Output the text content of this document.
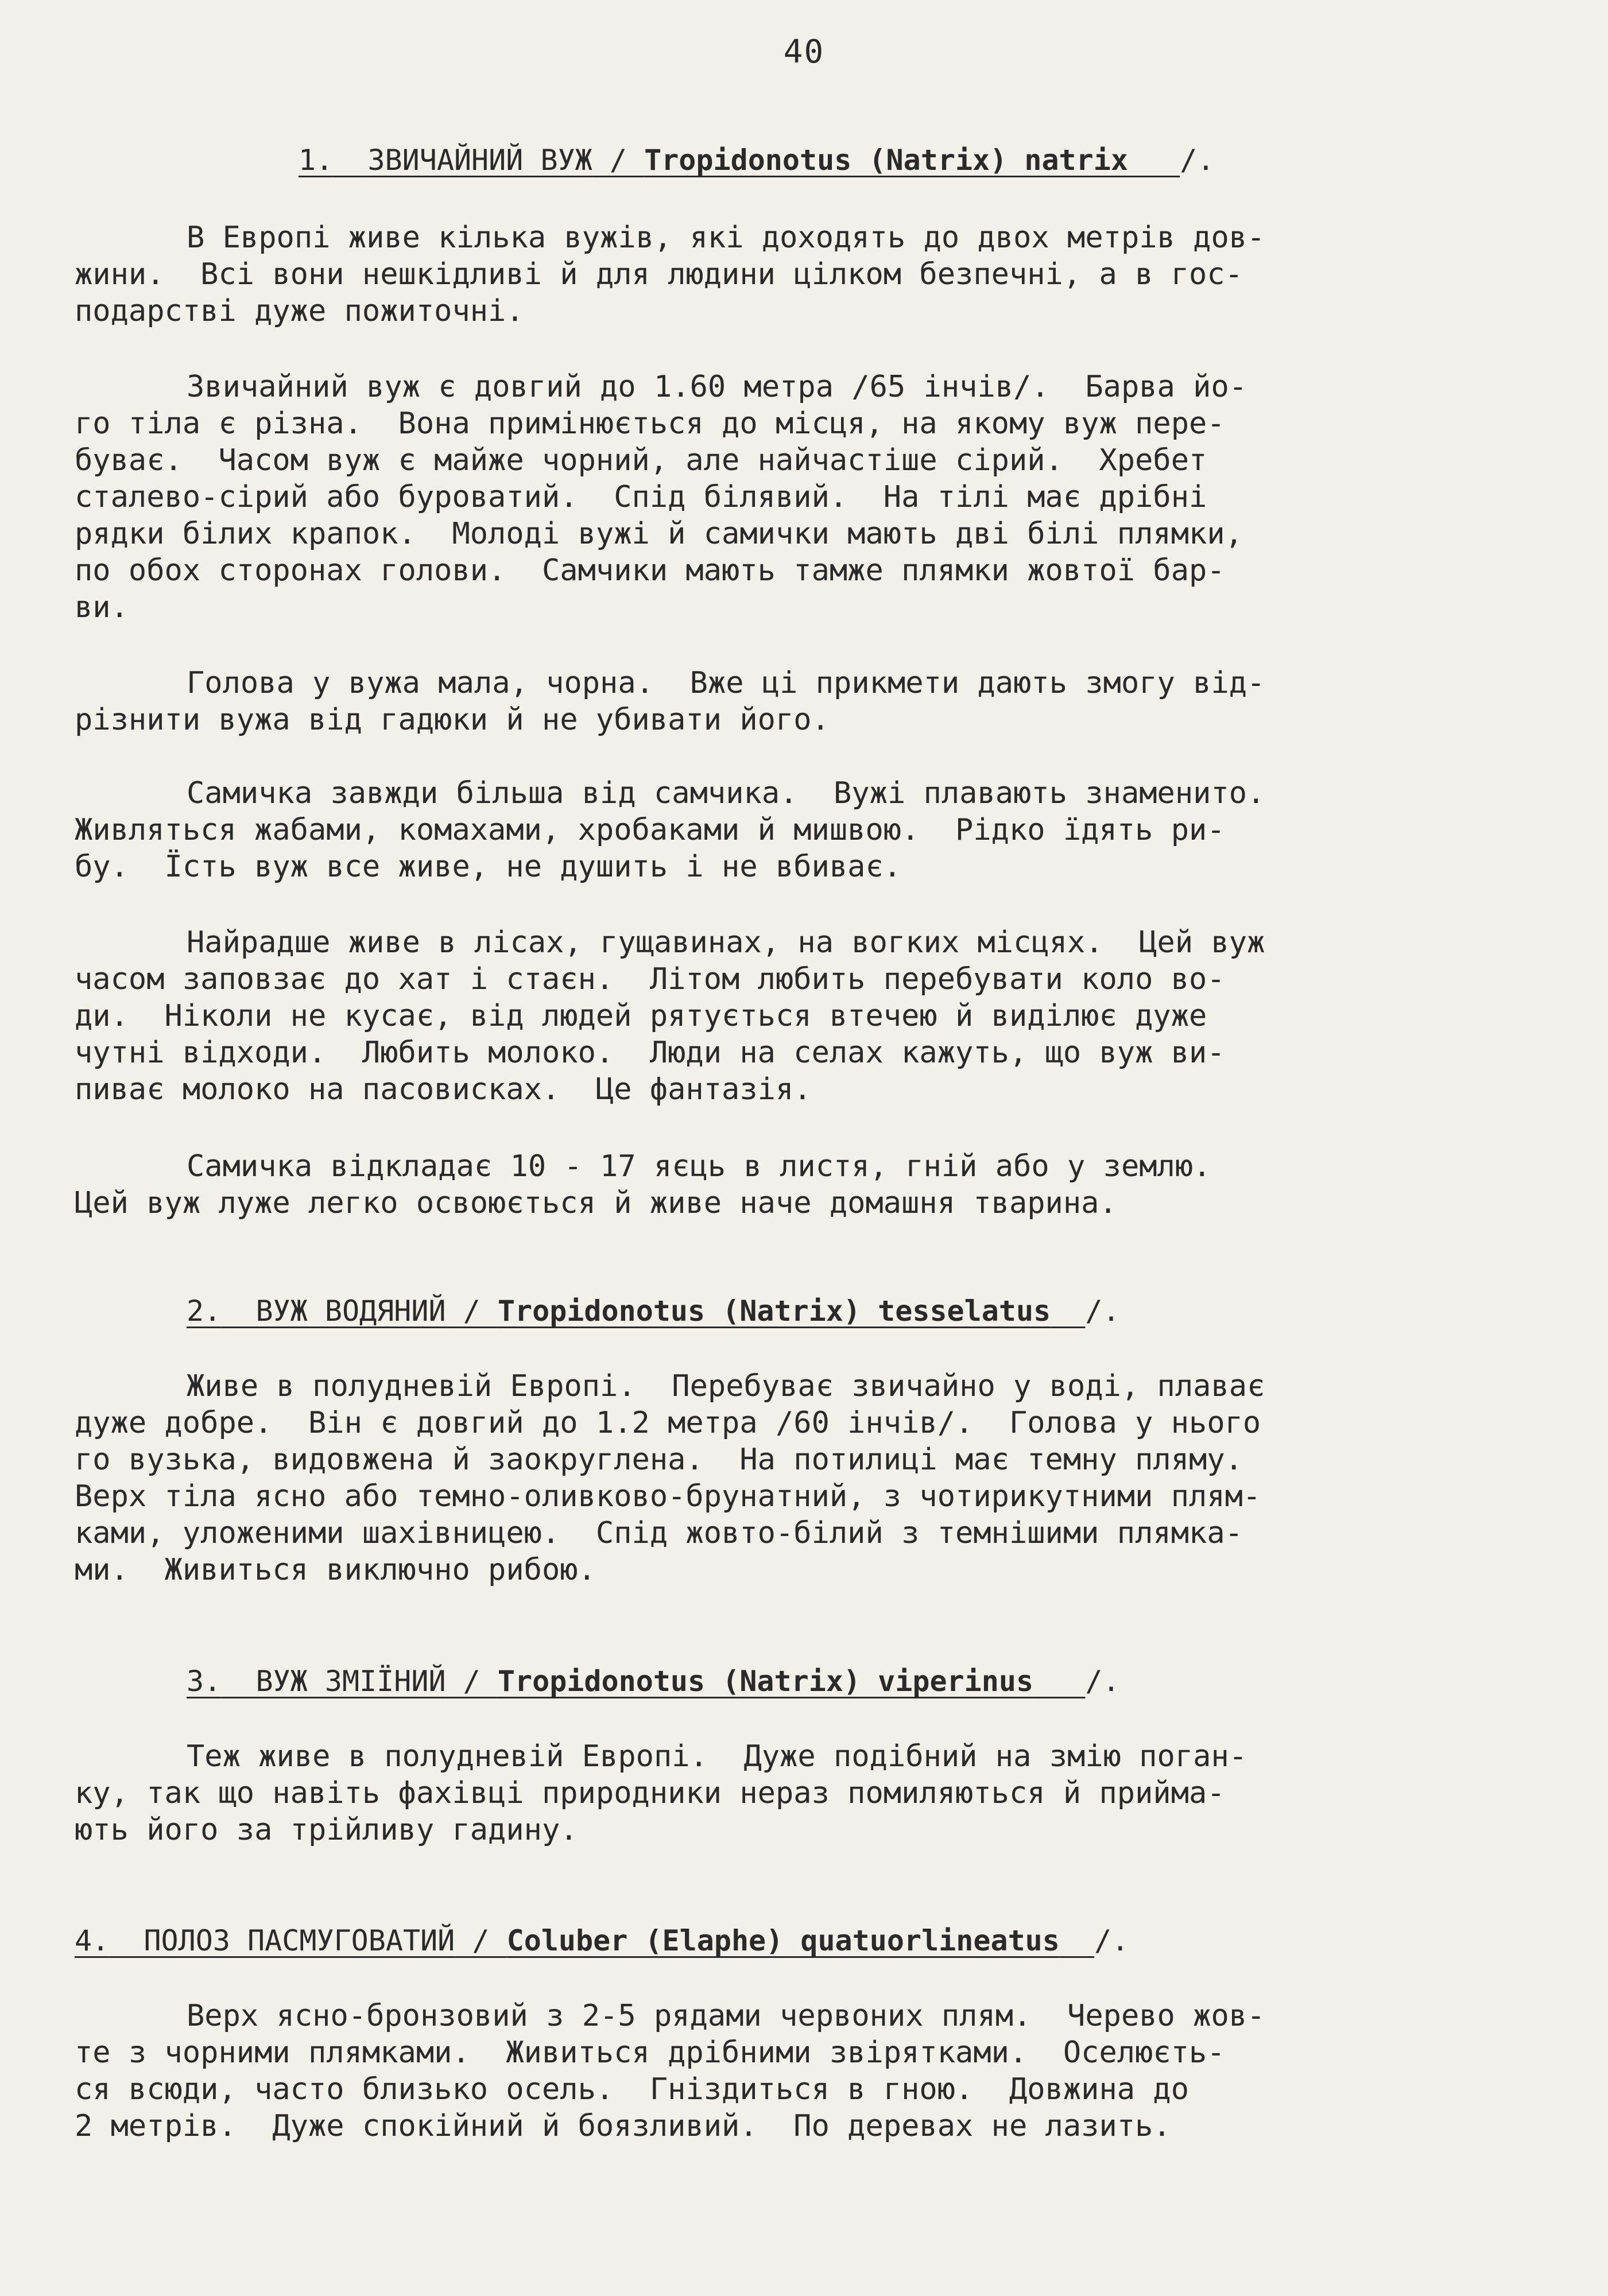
40
1. ЗВИЧАЙНИЙ ВУЖ / Tropidonotus (Natrix) natrix /.

В Европі живе кілька вужів, які доходять до двох метрів дов-

жини.  Всі вони нешкідливі й для людини цілком безпечні, а в гос-

подарстві дуже пожиточні.

Звичайний вуж є довгий до 1.60 метра /65 інчів/.  Барва йо-

го тіла є різна.  Вона примінюється до місця, на якому вуж пере-

буває.  Часом вуж є майже чорний, але найчастіше сірий.  Хребет

сталево-сірий або буроватий.  Спід білявий.  На тілі має дрібні

рядки білих крапок.  Молоді вужі й самички мають дві білі плямки,

по обох сторонах голови.  Самчики мають тамже плямки жовтої бар-

ви.

Голова у вужа мала, чорна.  Вже ці прикмети дають змогу від-

різнити вужа від гадюки й не убивати його.

Самичка завжди більша від самчика.  Вужі плавають знаменито.

Живляться жабами, комахами, хробаками й мишвою.  Рідко їдять ри-

бу.  Їсть вуж все живе, не душить і не вбиває.

Найрадше живе в лісах, гущавинах, на вогких місцях.  Цей вуж

часом заповзає до хат і стаєн.  Літом любить перебувати коло во-

ди.  Ніколи не кусає, від людей рятується втечею й виділює дуже

чутні відходи.  Любить молоко.  Люди на селах кажуть, що вуж ви-

пиває молоко на пасовисках.  Це фантазія.

Самичка відкладає 10 - 17 яєць в листя, гній або у землю.

Цей вуж луже легко освоюється й живе наче домашня тварина.

2. ВУЖ ВОДЯНИЙ / Tropidonotus (Natrix) tesselatus /.

Живе в полудневій Европі.  Перебуває звичайно у воді, плаває

дуже добре.  Він є довгий до 1.2 метра /60 інчів/.  Голова у нього

го вузька, видовжена й заокруглена.  На потилиці має темну пляму.

Верх тіла ясно або темно-оливково-брунатний, з чотирикутними плям-

ками, уложеними шахівницею.  Спід жовто-білий з темнішими плямка-

ми.  Живиться виключно рибою.

3. ВУЖ ЗМІЇНИЙ / Tropidonotus (Natrix) viperinus /.

Теж живе в полудневій Европі.  Дуже подібний на змію поган-

ку, так що навіть фахівці природники нераз помиляються й прийма-

ють його за трійливу гадину.

4. ПОЛОЗ ПАСМУГОВАТИЙ / Coluber (Elaphe) quatuorlineatus /.

Верх ясно-бронзовий з 2-5 рядами червоних плям.  Черево жов-

те з чорними плямками.  Живиться дрібними звірятками.  Оселюєть-

ся всюди, часто близько осель.  Гніздиться в гною.  Довжина до

2 метрів.  Дуже спокійний й боязливий.  По деревах не лазить.
